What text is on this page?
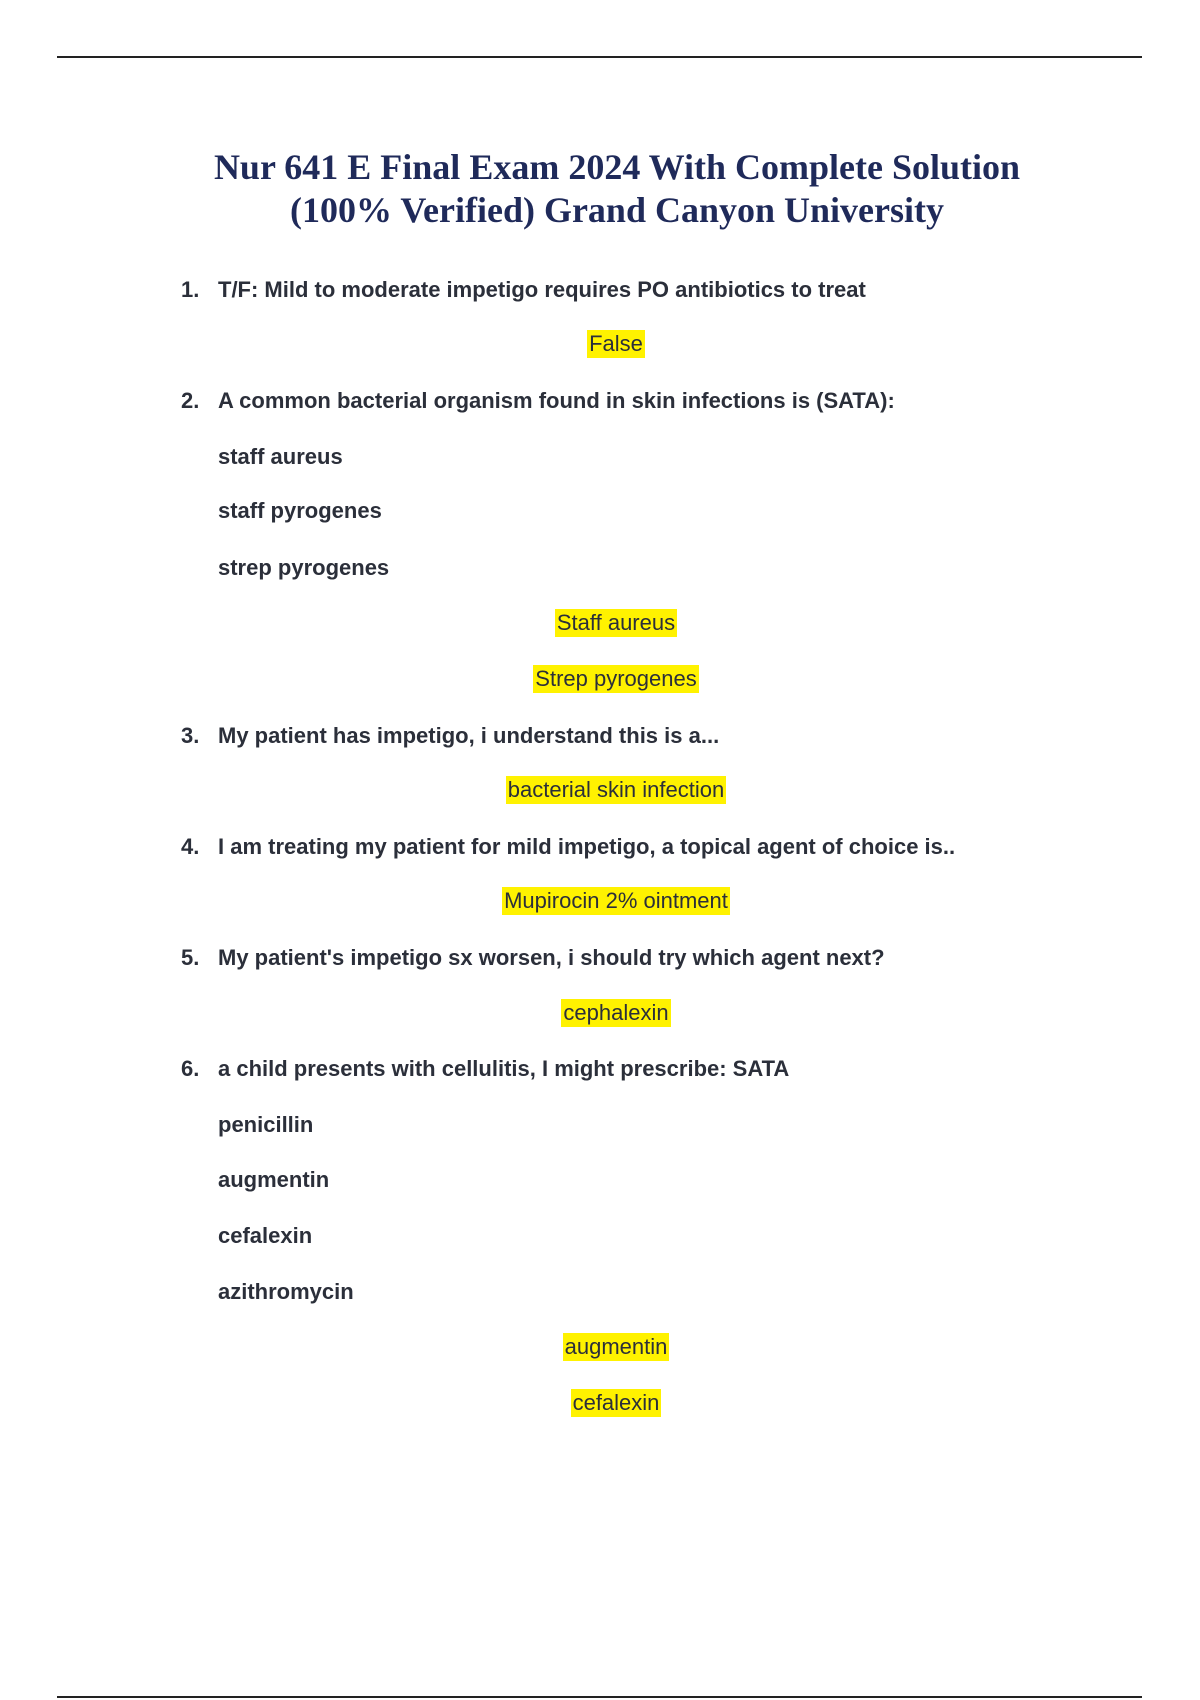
Nur 641 E Final Exam 2024 With Complete Solution
(100% Verified) Grand Canyon University
1. T/F: Mild to moderate impetigo requires PO antibiotics to treat
False
2. A common bacterial organism found in skin infections is (SATA):
staff aureus
staff pyrogenes
strep pyrogenes
Staff aureus
Strep pyrogenes
3. My patient has impetigo, i understand this is a...
bacterial skin infection
4. I am treating my patient for mild impetigo, a topical agent of choice is..
Mupirocin 2% ointment
5. My patient's impetigo sx worsen, i should try which agent next?
cephalexin
6. a child presents with cellulitis, I might prescribe: SATA
penicillin
augmentin
cefalexin
azithromycin
augmentin
cefalexin
